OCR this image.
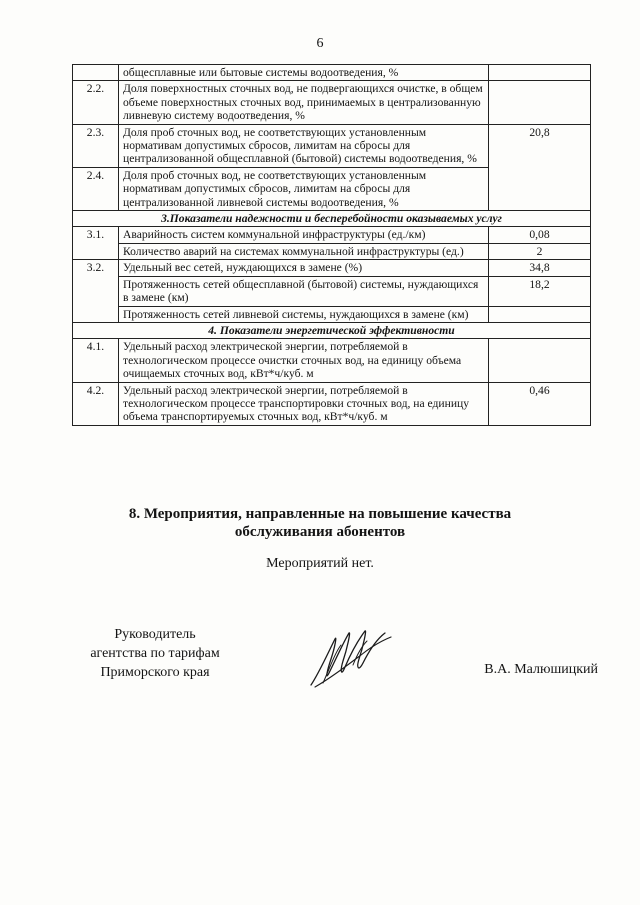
6
	общесплавные или бытовые системы водоотведения, %	
2.2.	Доля поверхностных сточных вод, не подвергающихся очистке, в общем объеме поверхностных сточных вод, принимаемых в централизованную ливневую систему водоотведения, %	
2.3.	Доля проб сточных вод, не соответствующих установленным нормативам допустимых сбросов, лимитам на сбросы для централизованной общесплавной (бытовой) системы водоотведения, %	20,8
2.4.	Доля проб сточных вод, не соответствующих установленным нормативам допустимых сбросов, лимитам на сбросы для централизованной ливневой системы водоотведения, %	
3.Показатели надежности и бесперебойности оказываемых услуг		
3.1.	Аварийность систем коммунальной инфраструктуры (ед./км)	0,08
	Количество аварий на системах коммунальной инфраструктуры (ед.)	2
3.2.	Удельный вес сетей, нуждающихся в замене (%)	34,8
	Протяженность сетей общесплавной (бытовой) системы, нуждающихся в замене (км)	18,2
	Протяженность сетей ливневой системы, нуждающихся в замене (км)	
4. Показатели энергетической эффективности		
4.1.	Удельный расход электрической энергии, потребляемой в технологическом процессе очистки сточных вод, на единицу объема очищаемых сточных вод, кВт*ч/куб. м	
4.2.	Удельный расход электрической энергии, потребляемой в технологическом процессе транспортировки сточных вод, на единицу объема транспортируемых сточных вод, кВт*ч/куб. м	0,46
8. Мероприятия, направленные на повышение качества
обслуживания абонентов
Мероприятий нет.
Руководитель
агентства по тарифам
Приморского края	В.А. Малюшицкий
